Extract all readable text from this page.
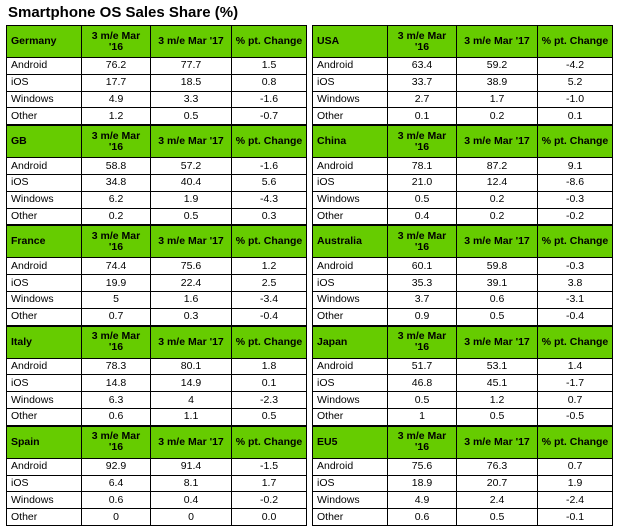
Smartphone OS Sales Share (%)
Germany	3 m/e Mar '16	3 m/e Mar '17	% pt. Change
Android	76.2	77.7	1.5
iOS	17.7	18.5	0.8
Windows	4.9	3.3	-1.6
Other	1.2	0.5	-0.7
USA	3 m/e Mar '16	3 m/e Mar '17	% pt. Change
Android	63.4	59.2	-4.2
iOS	33.7	38.9	5.2
Windows	2.7	1.7	-1.0
Other	0.1	0.2	0.1
GB	3 m/e Mar '16	3 m/e Mar '17	% pt. Change
Android	58.8	57.2	-1.6
iOS	34.8	40.4	5.6
Windows	6.2	1.9	-4.3
Other	0.2	0.5	0.3
China	3 m/e Mar '16	3 m/e Mar '17	% pt. Change
Android	78.1	87.2	9.1
iOS	21.0	12.4	-8.6
Windows	0.5	0.2	-0.3
Other	0.4	0.2	-0.2
France	3 m/e Mar '16	3 m/e Mar '17	% pt. Change
Android	74.4	75.6	1.2
iOS	19.9	22.4	2.5
Windows	5	1.6	-3.4
Other	0.7	0.3	-0.4
Australia	3 m/e Mar '16	3 m/e Mar '17	% pt. Change
Android	60.1	59.8	-0.3
iOS	35.3	39.1	3.8
Windows	3.7	0.6	-3.1
Other	0.9	0.5	-0.4
Italy	3 m/e Mar '16	3 m/e Mar '17	% pt. Change
Android	78.3	80.1	1.8
iOS	14.8	14.9	0.1
Windows	6.3	4	-2.3
Other	0.6	1.1	0.5
Japan	3 m/e Mar '16	3 m/e Mar '17	% pt. Change
Android	51.7	53.1	1.4
iOS	46.8	45.1	-1.7
Windows	0.5	1.2	0.7
Other	1	0.5	-0.5
Spain	3 m/e Mar '16	3 m/e Mar '17	% pt. Change
Android	92.9	91.4	-1.5
iOS	6.4	8.1	1.7
Windows	0.6	0.4	-0.2
Other	0	0	0.0
EU5	3 m/e Mar '16	3 m/e Mar '17	% pt. Change
Android	75.6	76.3	0.7
iOS	18.9	20.7	1.9
Windows	4.9	2.4	-2.4
Other	0.6	0.5	-0.1
